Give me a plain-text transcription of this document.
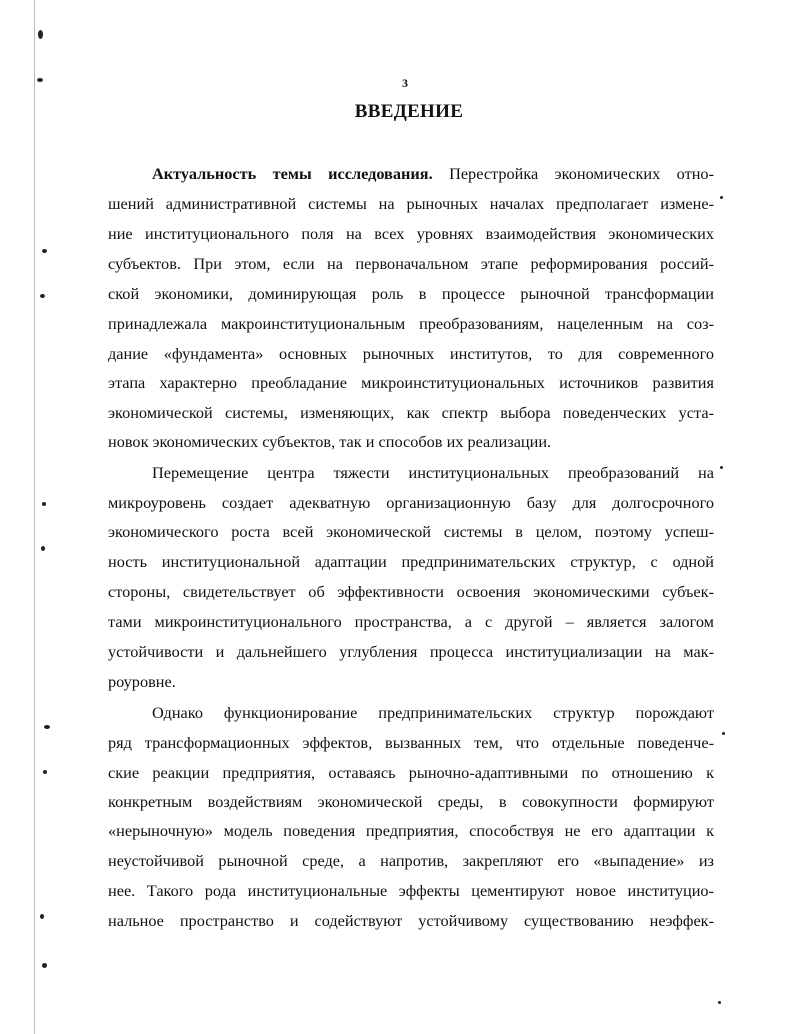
3
ВВЕДЕНИЕ
Актуальность темы исследования. Перестройка экономических отно-
шений административной системы на рыночных началах предполагает измене-
ние институционального поля на всех уровнях взаимодействия экономических
субъектов. При этом, если на первоначальном этапе реформирования россий-
ской экономики, доминирующая роль в процессе рыночной трансформации
принадлежала макроинституциональным преобразованиям, нацеленным на соз-
дание «фундамента» основных рыночных институтов, то для современного
этапа характерно преобладание микроинституциональных источников развития
экономической системы, изменяющих, как спектр выбора поведенческих уста-
новок экономических субъектов, так и способов их реализации.
Перемещение центра тяжести институциональных преобразований на
микроуровень создает адекватную организационную базу для долгосрочного
экономического роста всей экономической системы в целом, поэтому успеш-
ность институциональной адаптации предпринимательских структур, с одной
стороны, свидетельствует об эффективности освоения экономическими субъек-
тами микроинституционального пространства, а с другой – является залогом
устойчивости и дальнейшего углубления процесса институциализации на мак-
роуровне.
Однако функционирование предпринимательских структур порождают
ряд трансформационных эффектов, вызванных тем, что отдельные поведенче-
ские реакции предприятия, оставаясь рыночно-адаптивными по отношению к
конкретным воздействиям экономической среды, в совокупности формируют
«нерыночную» модель поведения предприятия, способствуя не его адаптации к
неустойчивой рыночной среде, а напротив, закрепляют его «выпадение» из
нее. Такого рода институциональные эффекты цементируют новое институцио-
нальное пространство и содействуют устойчивому существованию неэффек-
